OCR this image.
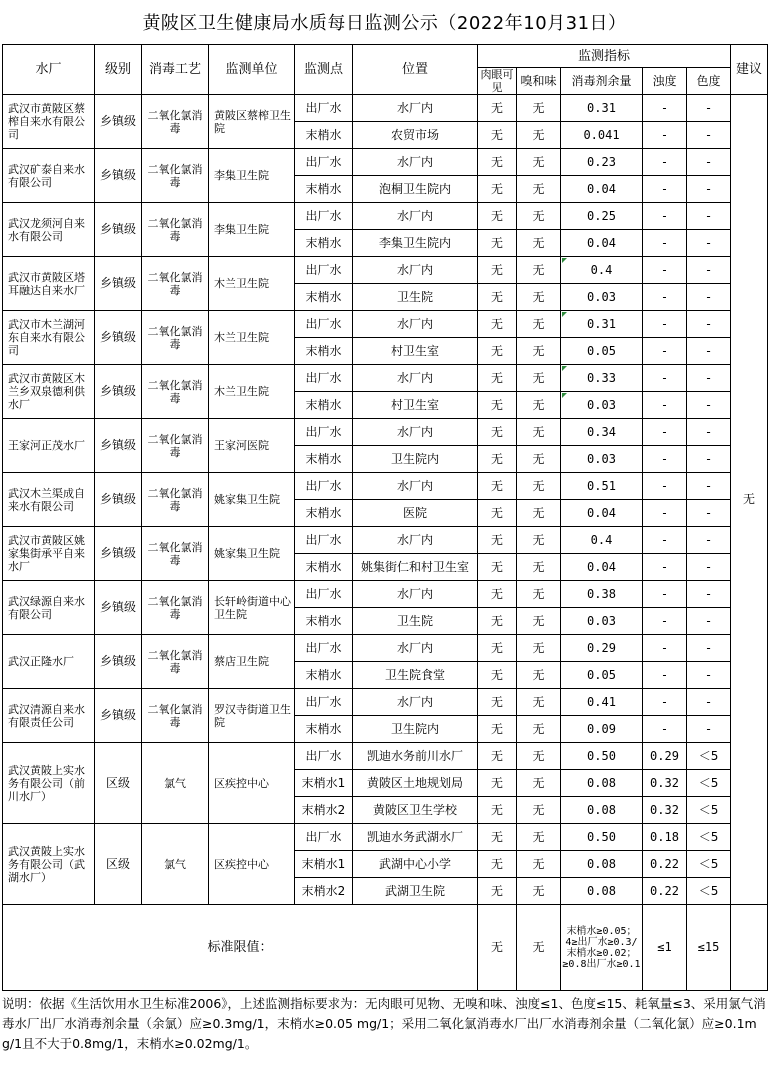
黄陂区卫生健康局水质每日监测公示（2022年10月31日）
水厂	级别	消毒工艺	监测单位	监测点	位置	监测指标					建议
						肉眼可见	嗅和味	消毒剂余量	浊度	色度	
武汉市黄陂区蔡榨自来水有限公司	乡镇级	二氧化氯消毒	黄陂区蔡榨卫生院	出厂水	水厂内	无	无	0.31	-	-	无
				末梢水	农贸市场	无	无	0.041	-	-	
武汉矿泰自来水有限公司	乡镇级	二氧化氯消毒	李集卫生院	出厂水	水厂内	无	无	0.23	-	-	
				末梢水	泡桐卫生院内	无	无	0.04	-	-	
武汉龙须河自来水有限公司	乡镇级	二氧化氯消毒	李集卫生院	出厂水	水厂内	无	无	0.25	-	-	
				末梢水	李集卫生院内	无	无	0.04	-	-	
武汉市黄陂区塔耳融达自来水厂	乡镇级	二氧化氯消毒	木兰卫生院	出厂水	水厂内	无	无	0.4	-	-	
				末梢水	卫生院	无	无	0.03	-	-	
武汉市木兰湖河东自来水有限公司	乡镇级	二氧化氯消毒	木兰卫生院	出厂水	水厂内	无	无	0.31	-	-	
				末梢水	村卫生室	无	无	0.05	-	-	
武汉市黄陂区木兰乡双泉德利供水厂	乡镇级	二氧化氯消毒	木兰卫生院	出厂水	水厂内	无	无	0.33	-	-	
				末梢水	村卫生室	无	无	0.03	-	-	
王家河正茂水厂	乡镇级	二氧化氯消毒	王家河医院	出厂水	水厂内	无	无	0.34	-	-	
				末梢水	卫生院内	无	无	0.03	-	-	
武汉木兰渠成自来水有限公司	乡镇级	二氧化氯消毒	姚家集卫生院	出厂水	水厂内	无	无	0.51	-	-	
				末梢水	医院	无	无	0.04	-	-	
武汉市黄陂区姚家集街承平自来水厂	乡镇级	二氧化氯消毒	姚家集卫生院	出厂水	水厂内	无	无	0.4	-	-	
				末梢水	姚集街仁和村卫生室	无	无	0.04	-	-	
武汉绿源自来水有限公司	乡镇级	二氧化氯消毒	长轩岭街道中心卫生院	出厂水	水厂内	无	无	0.38	-	-	
				末梢水	卫生院	无	无	0.03	-	-	
武汉正隆水厂	乡镇级	二氧化氯消毒	蔡店卫生院	出厂水	水厂内	无	无	0.29	-	-	
				末梢水	卫生院食堂	无	无	0.05	-	-	
武汉清源自来水有限责任公司	乡镇级	二氧化氯消毒	罗汉寺街道卫生院	出厂水	水厂内	无	无	0.41	-	-	
				末梢水	卫生院内	无	无	0.09	-	-	
武汉黄陂上实水务有限公司（前川水厂）	区级	氯气	区疾控中心	出厂水	凯迪水务前川水厂	无	无	0.50	0.29	＜5	
				末梢水1	黄陂区土地规划局	无	无	0.08	0.32	＜5	
				末梢水2	黄陂区卫生学校	无	无	0.08	0.32	＜5	
武汉黄陂上实水务有限公司（武湖水厂）	区级	氯气	区疾控中心	出厂水	凯迪水务武湖水厂	无	无	0.50	0.18	＜5	
				末梢水1	武湖中心小学	无	无	0.08	0.22	＜5	
				末梢水2	武湖卫生院	无	无	0.08	0.22	＜5	
标准限值：						无	无	末梢水≥0.05；4≥出厂水≥0.3/末梢水≥0.02；≥0.8出厂水≥0.1	≤1	≤15	
说明：依据《生活饮用水卫生标准2006》，上述监测指标要求为：无肉眼可见物、无嗅和味、浊度≤1、色度≤15、耗氧量≤3、采用氯气消毒水厂出厂水消毒剂余量（余氯）应≥0.3mg/1，末梢水≥0.05 mg/1；采用二氧化氯消毒水厂出厂水消毒剂余量（二氧化氯）应≥0.1mg/1且不大于0.8mg/1，末梢水≥0.02mg/1。
